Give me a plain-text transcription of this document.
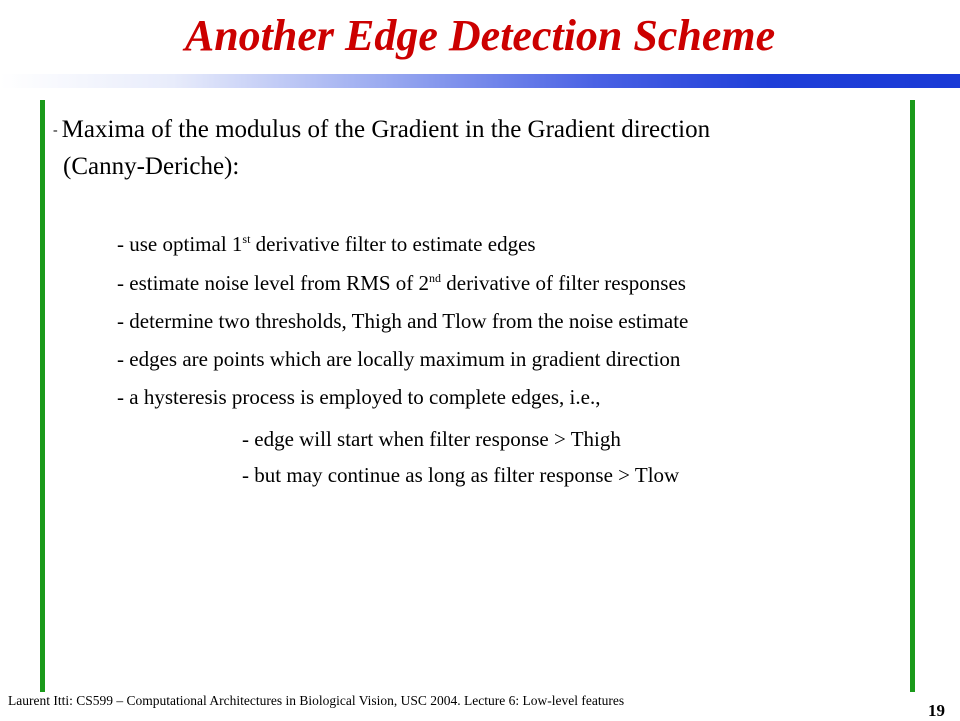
Another Edge Detection Scheme
- Maxima of the modulus of the Gradient in the Gradient direction
(Canny-Deriche):
- use optimal 1st derivative filter to estimate edges
- estimate noise level from RMS of 2nd derivative of filter responses
- determine two thresholds, Thigh and Tlow from the noise estimate
- edges are points which are locally maximum in gradient direction
- a hysteresis process is employed to complete edges, i.e.,
- edge will start when filter response > Thigh
- but may continue as long as filter response > Tlow
Laurent Itti: CS599 – Computational Architectures in Biological Vision, USC 2004. Lecture 6: Low-level features
19
